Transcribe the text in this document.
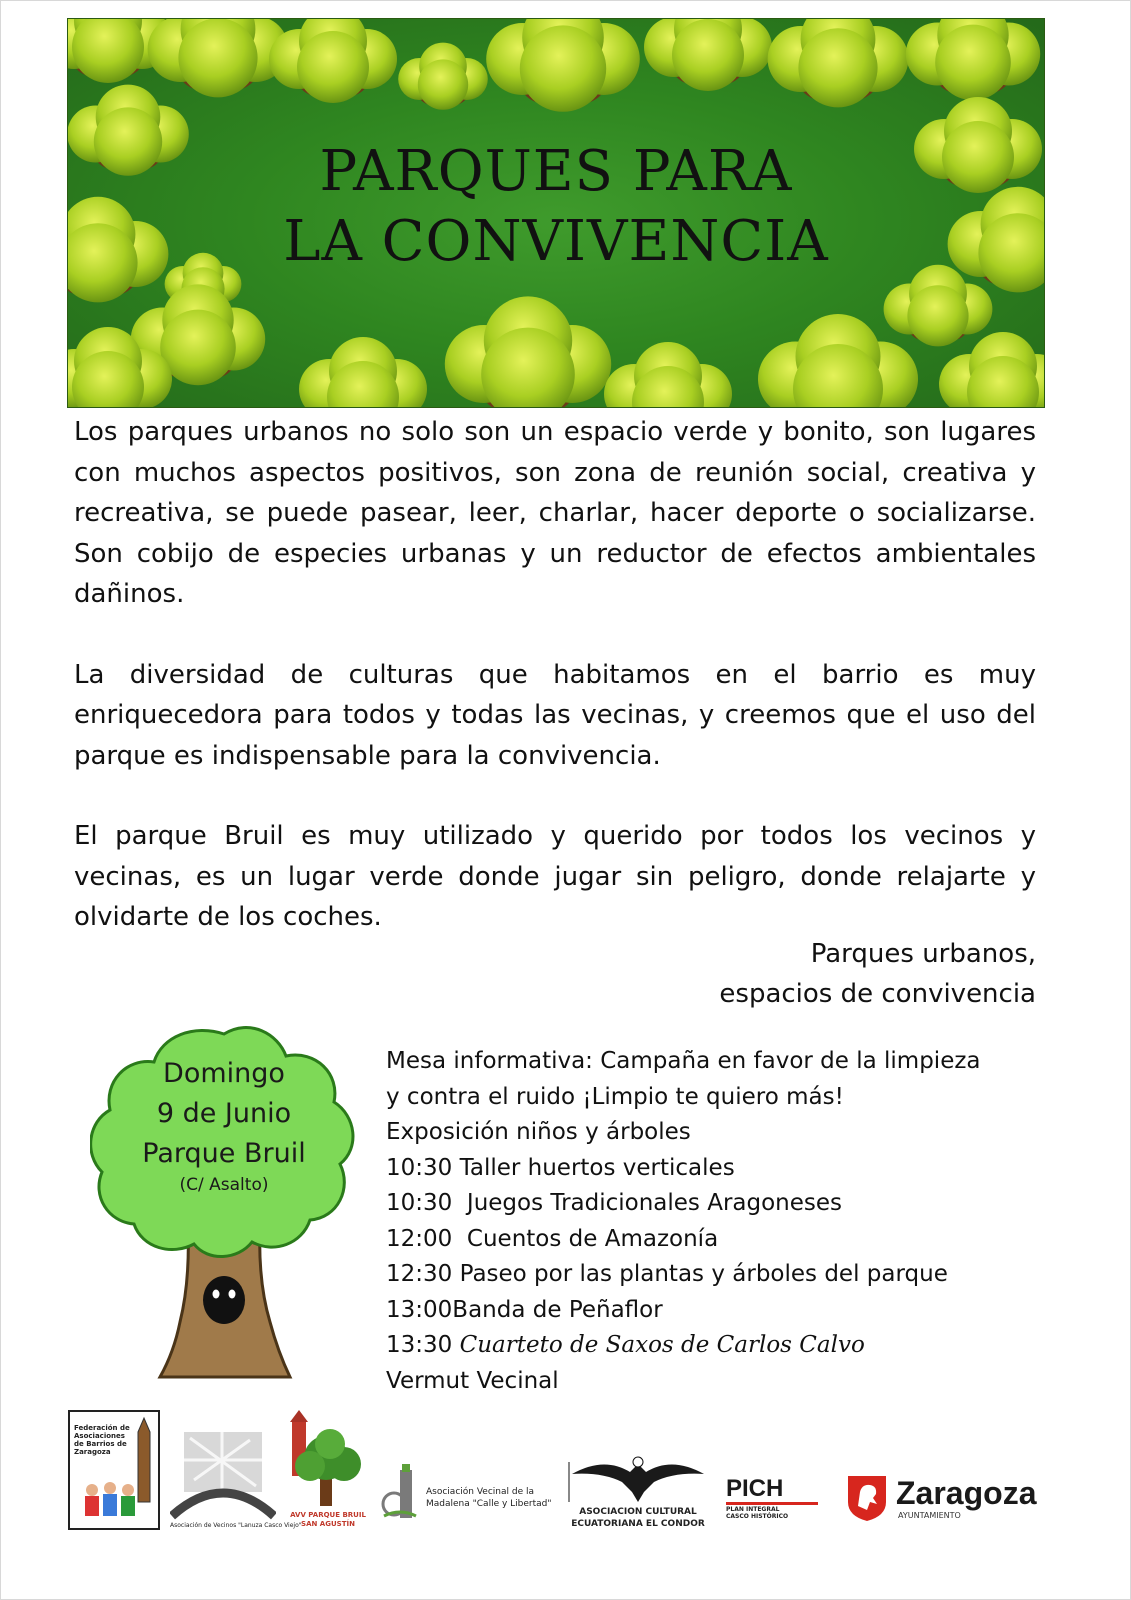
PARQUES PARA
LA CONVIVENCIA

Los parques urbanos no solo son un espacio verde y bonito, son lugares con muchos aspectos positivos, son zona de reunión social, creativa y recreativa, se puede pasear, leer, charlar, hacer deporte o socializarse. Son cobijo de especies urbanas y un reductor de efectos ambientales dañinos.

La diversidad de culturas que habitamos en el barrio es muy enriquecedora para todos y todas las vecinas, y creemos que el uso del parque es indispensable para la convivencia.

El parque Bruil es muy utilizado y querido por todos los vecinos y vecinas, es un lugar verde donde jugar sin peligro, donde relajarte y olvidarte de los coches.

Parques urbanos,
espacios de convivencia
Domingo
9 de Junio
Parque Bruil
(C/ Asalto)
Mesa informativa: Campaña en favor de la limpieza
y contra el ruido ¡Limpio te quiero más!
Exposición niños y árboles
10:30 Taller huertos verticales
10:30 Juegos Tradicionales Aragoneses
12:00 Cuentos de Amazonía
12:30 Paseo por las plantas y árboles del parque
13:00Banda de Peñaflor
13:30 Cuarteto de Saxos de Carlos Calvo
Vermut Vecinal
Federación de Asociaciones de Barrios de Zaragoza
Asociación de Vecinos "Lanuza Casco Viejo"
AVV PARQUE BRUIL
SAN AGUSTÍN
Asociación Vecinal de la
Madalena "Calle y Libertad"
ASOCIACION CULTURAL
ECUATORIANA EL CONDOR
PICH
PLAN INTEGRAL
CASCO HISTÓRICO
Zaragoza
AYUNTAMIENTO
